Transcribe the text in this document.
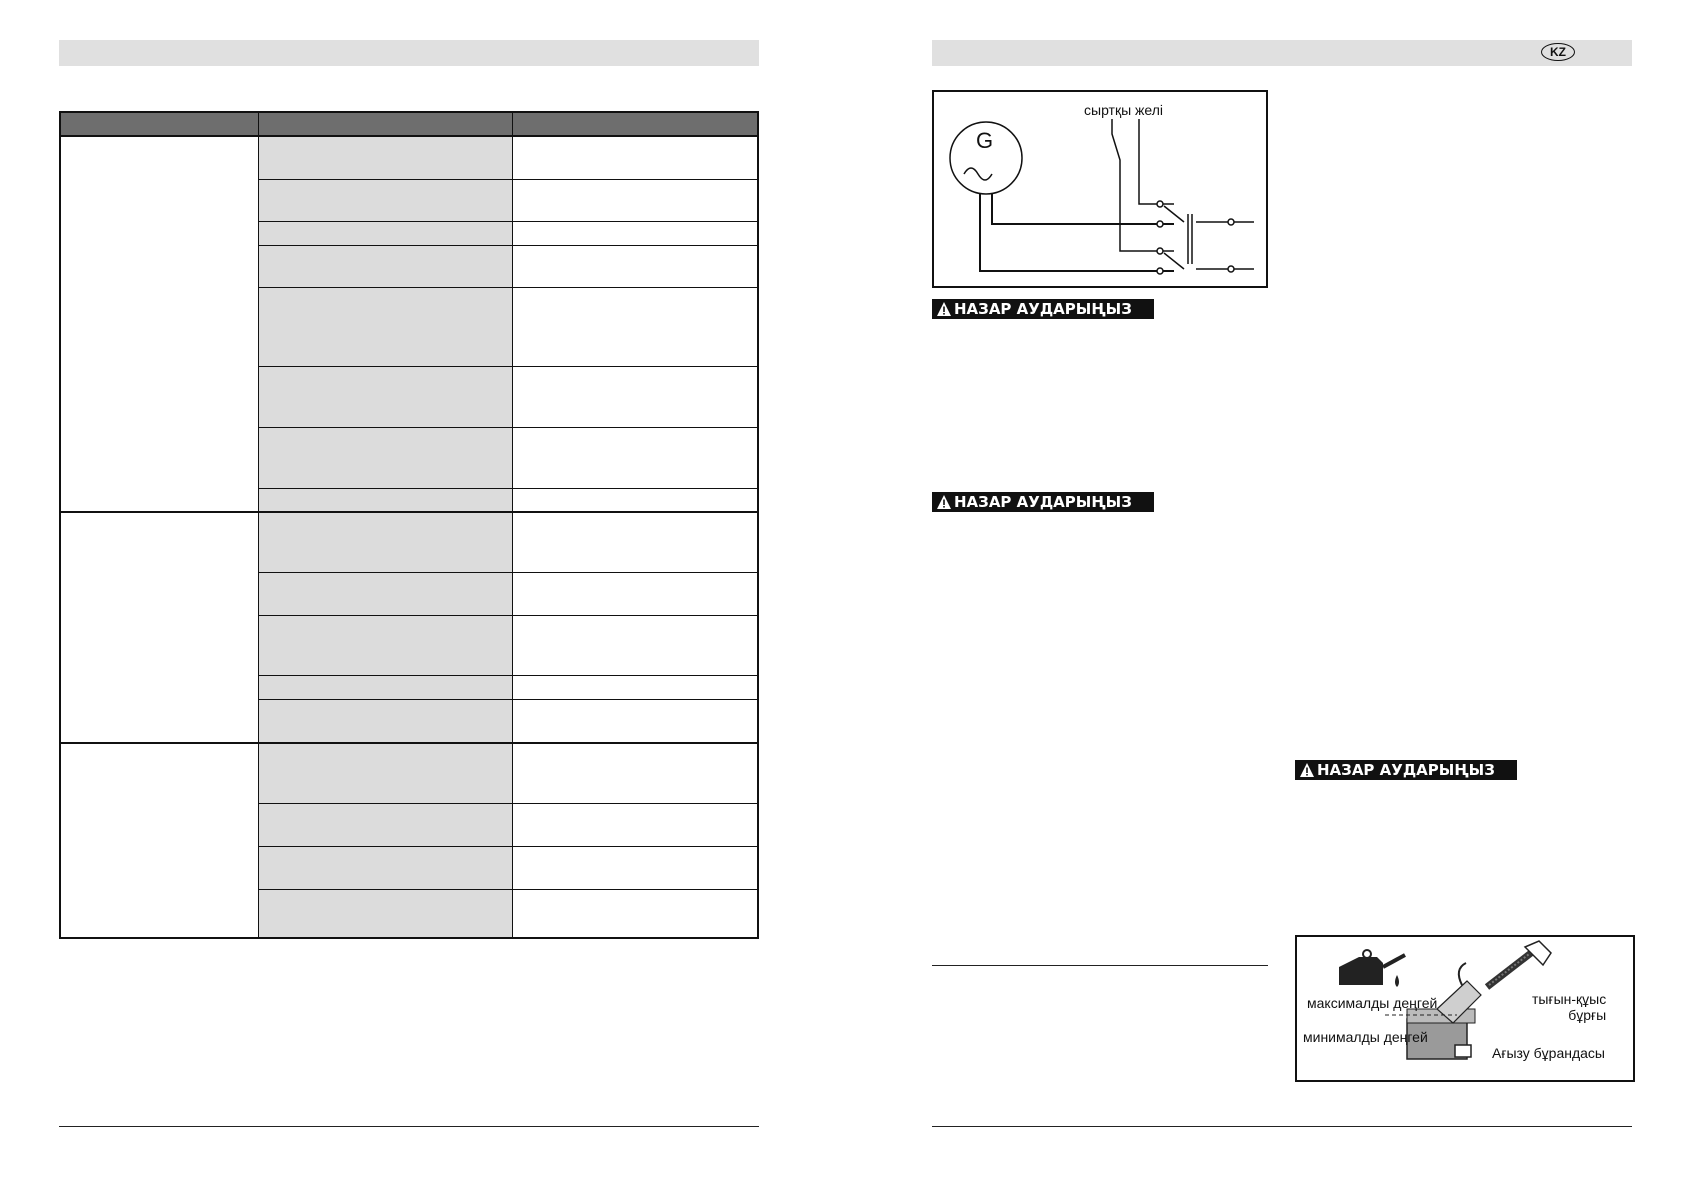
KZ
G
сыртқы желі
НАЗАР АУДАРЫҢЫЗ
НАЗАР АУДАРЫҢЫЗ
НАЗАР АУДАРЫҢЫЗ
максималды деңгей
минималды деңгей
тығын-құыс
бұрғы
Ағызу бұрандасы
